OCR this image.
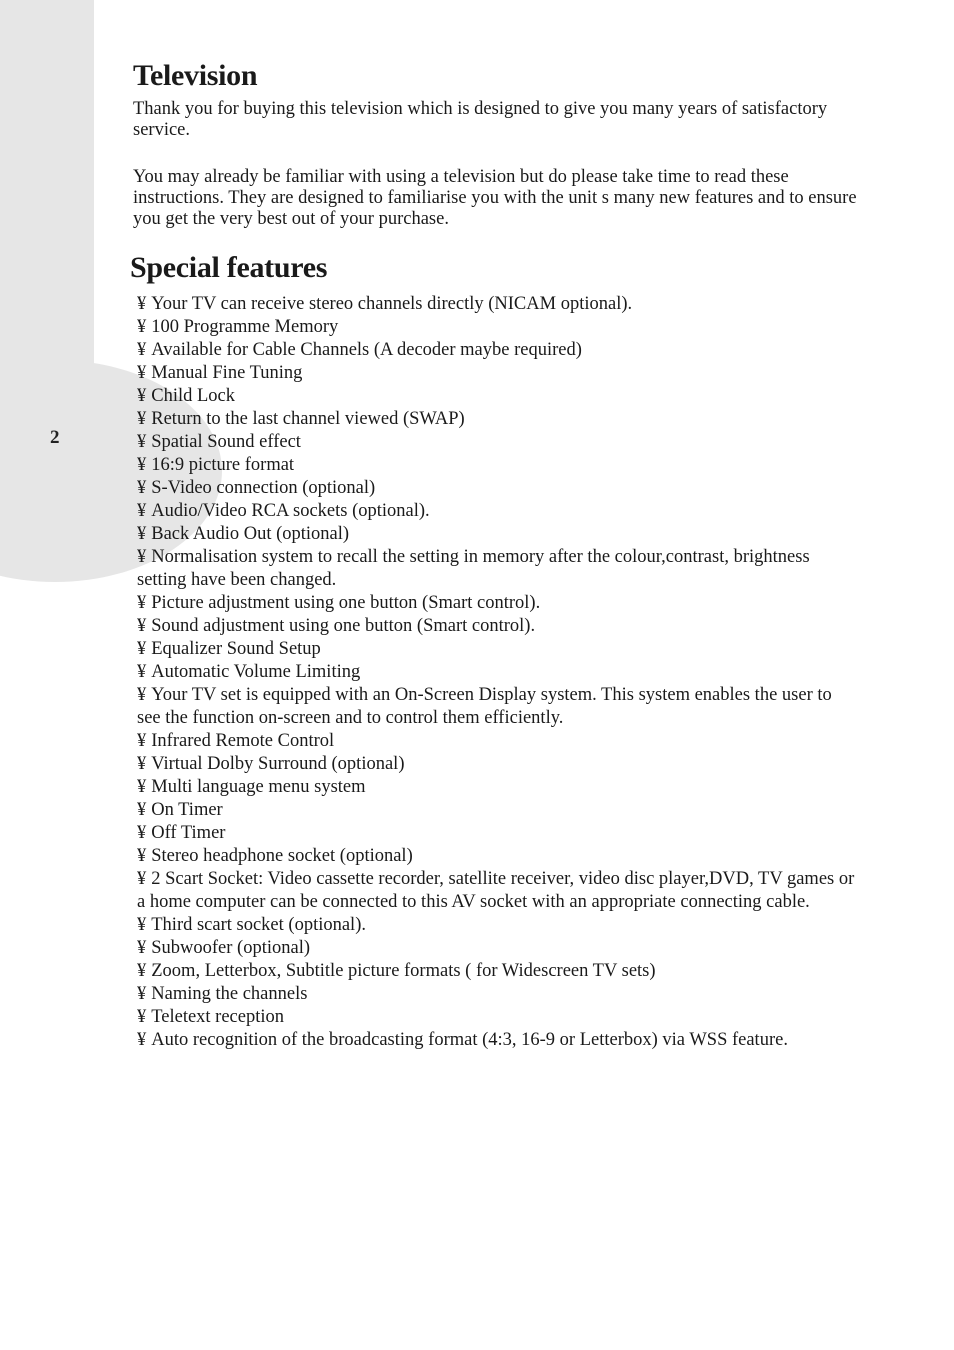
2
Television

Thank you for buying this television which is designed to give you many years of satisfactory service.

You may already be familiar with using a television but do please take time to read these instructions. They are designed to familiarise you with the unit s many new features and to ensure you get the very best out of your purchase.

Special features
¥ Your TV can receive stereo channels directly (NICAM optional).
¥ 100 Programme Memory
¥ Available for Cable Channels (A decoder maybe required)
¥ Manual Fine Tuning
¥ Child Lock
¥ Return to the last channel viewed (SWAP)
¥ Spatial Sound effect
¥ 16:9 picture format
¥ S-Video connection (optional)
¥ Audio/Video RCA sockets (optional).
¥ Back Audio Out (optional)
¥ Normalisation system to recall the setting in memory after the colour,contrast, brightness setting have been changed.
¥ Picture adjustment using one button (Smart control).
¥ Sound adjustment using one button (Smart control).
¥ Equalizer Sound Setup
¥ Automatic Volume Limiting
¥ Your TV set is equipped with an On-Screen Display system. This system enables the user to see the function on-screen and to control them efficiently.
¥ Infrared Remote Control
¥ Virtual Dolby Surround (optional)
¥ Multi language menu system
¥ On Timer
¥ Off Timer
¥ Stereo headphone socket (optional)
¥ 2 Scart Socket: Video cassette recorder, satellite receiver, video disc player,DVD, TV games or a home computer can be connected to this AV socket with an appropriate connecting cable.
¥ Third scart socket (optional).
¥ Subwoofer (optional)
¥ Zoom, Letterbox, Subtitle picture formats ( for Widescreen TV sets)
¥ Naming the channels
¥ Teletext reception
¥ Auto recognition of the broadcasting format (4:3, 16-9 or Letterbox) via WSS feature.
